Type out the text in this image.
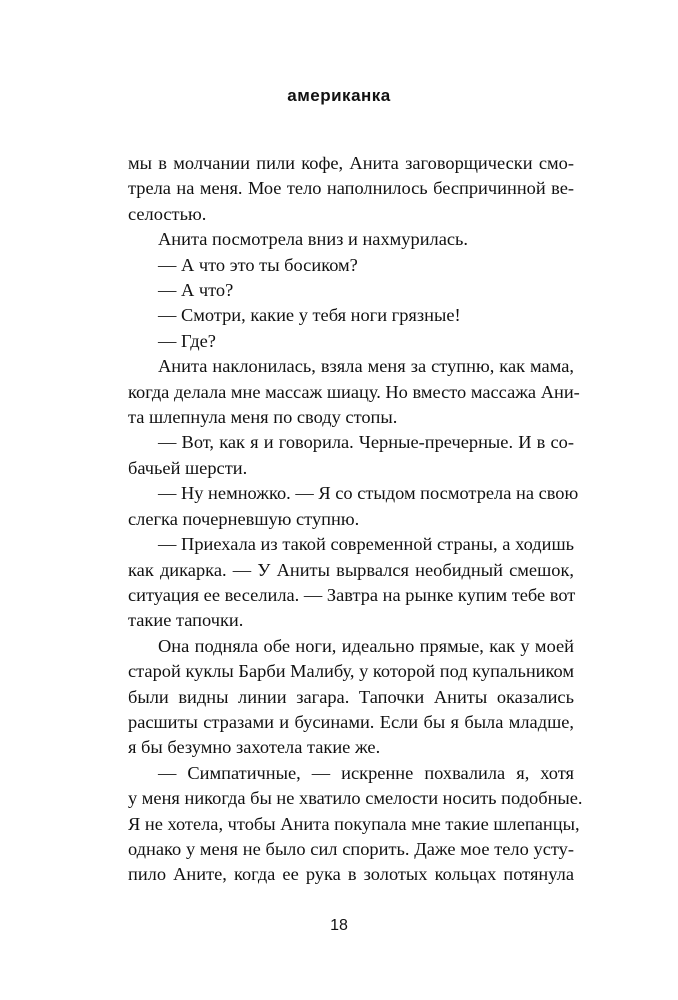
американка
мы в молчании пили кофе, Анита заговорщически смо-
трела на меня. Мое тело наполнилось беспричинной ве-
селостью.
Анита посмотрела вниз и нахмурилась.
— А что это ты босиком?
— А что?
— Смотри, какие у тебя ноги грязные!
— Где?
Анита наклонилась, взяла меня за ступню, как мама,
когда делала мне массаж шиацу. Но вместо массажа Ани-
та шлепнула меня по своду стопы.
— Вот, как я и говорила. Черные-пречерные. И в со-
бачьей шерсти.
— Ну немножко. — Я со стыдом посмотрела на свою
слегка почерневшую ступню.
— Приехала из такой современной страны, а ходишь
как дикарка. — У Аниты вырвался необидный смешок,
ситуация ее веселила. — Завтра на рынке купим тебе вот
такие тапочки.
Она подняла обе ноги, идеально прямые, как у моей
старой куклы Барби Малибу, у которой под купальником
были видны линии загара. Тапочки Аниты оказались
расшиты стразами и бусинами. Если бы я была младше,
я бы безумно захотела такие же.
— Симпатичные, — искренне похвалила я, хотя
у меня никогда бы не хватило смелости носить подобные.
Я не хотела, чтобы Анита покупала мне такие шлепанцы,
однако у меня не было сил спорить. Даже мое тело усту-
пило Аните, когда ее рука в золотых кольцах потянула
18
